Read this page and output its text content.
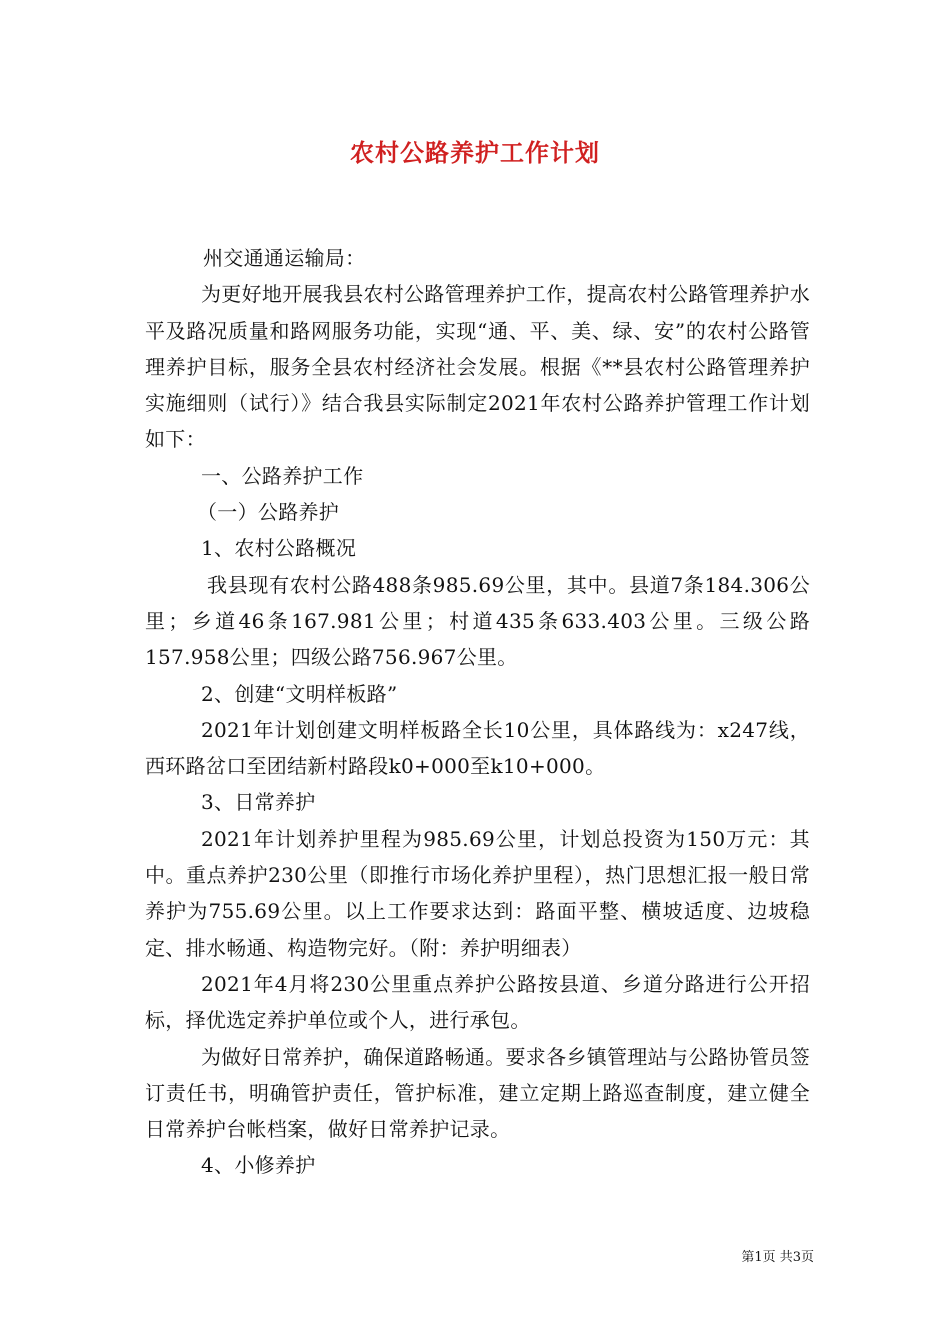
农村公路养护工作计划

州交通通运输局：

为更好地开展我县农村公路管理养护工作，提高农村公路管理养护水平及路况质量和路网服务功能，实现“通、平、美、绿、安”的农村公路管理养护目标，服务全县农村经济社会发展。根据《**县农村公路管理养护实施细则（试行）》结合我县实际制定2021年农村公路养护管理工作计划如下：

一、公路养护工作

（一）公路养护

1、农村公路概况

我县现有农村公路488条985.69公里，其中。县道7条184.306公里；乡道46条167.981公里；村道435条633.403公里。三级公路157.958公里；四级公路756.967公里。

2、创建“文明样板路”

2021年计划创建文明样板路全长10公里，具体路线为：x247线，西环路岔口至团结新村路段k0+000至k10+000。

3、日常养护

2021年计划养护里程为985.69公里，计划总投资为150万元：其中。重点养护230公里（即推行市场化养护里程），热门思想汇报一般日常养护为755.69公里。以上工作要求达到：路面平整、横坡适度、边坡稳定、排水畅通、构造物完好。（附：养护明细表）

2021年4月将230公里重点养护公路按县道、乡道分路进行公开招标，择优选定养护单位或个人，进行承包。

为做好日常养护，确保道路畅通。要求各乡镇管理站与公路协管员签订责任书，明确管护责任，管护标准，建立定期上路巡查制度，建立健全日常养护台帐档案，做好日常养护记录。

4、小修养护

第1页 共3页
